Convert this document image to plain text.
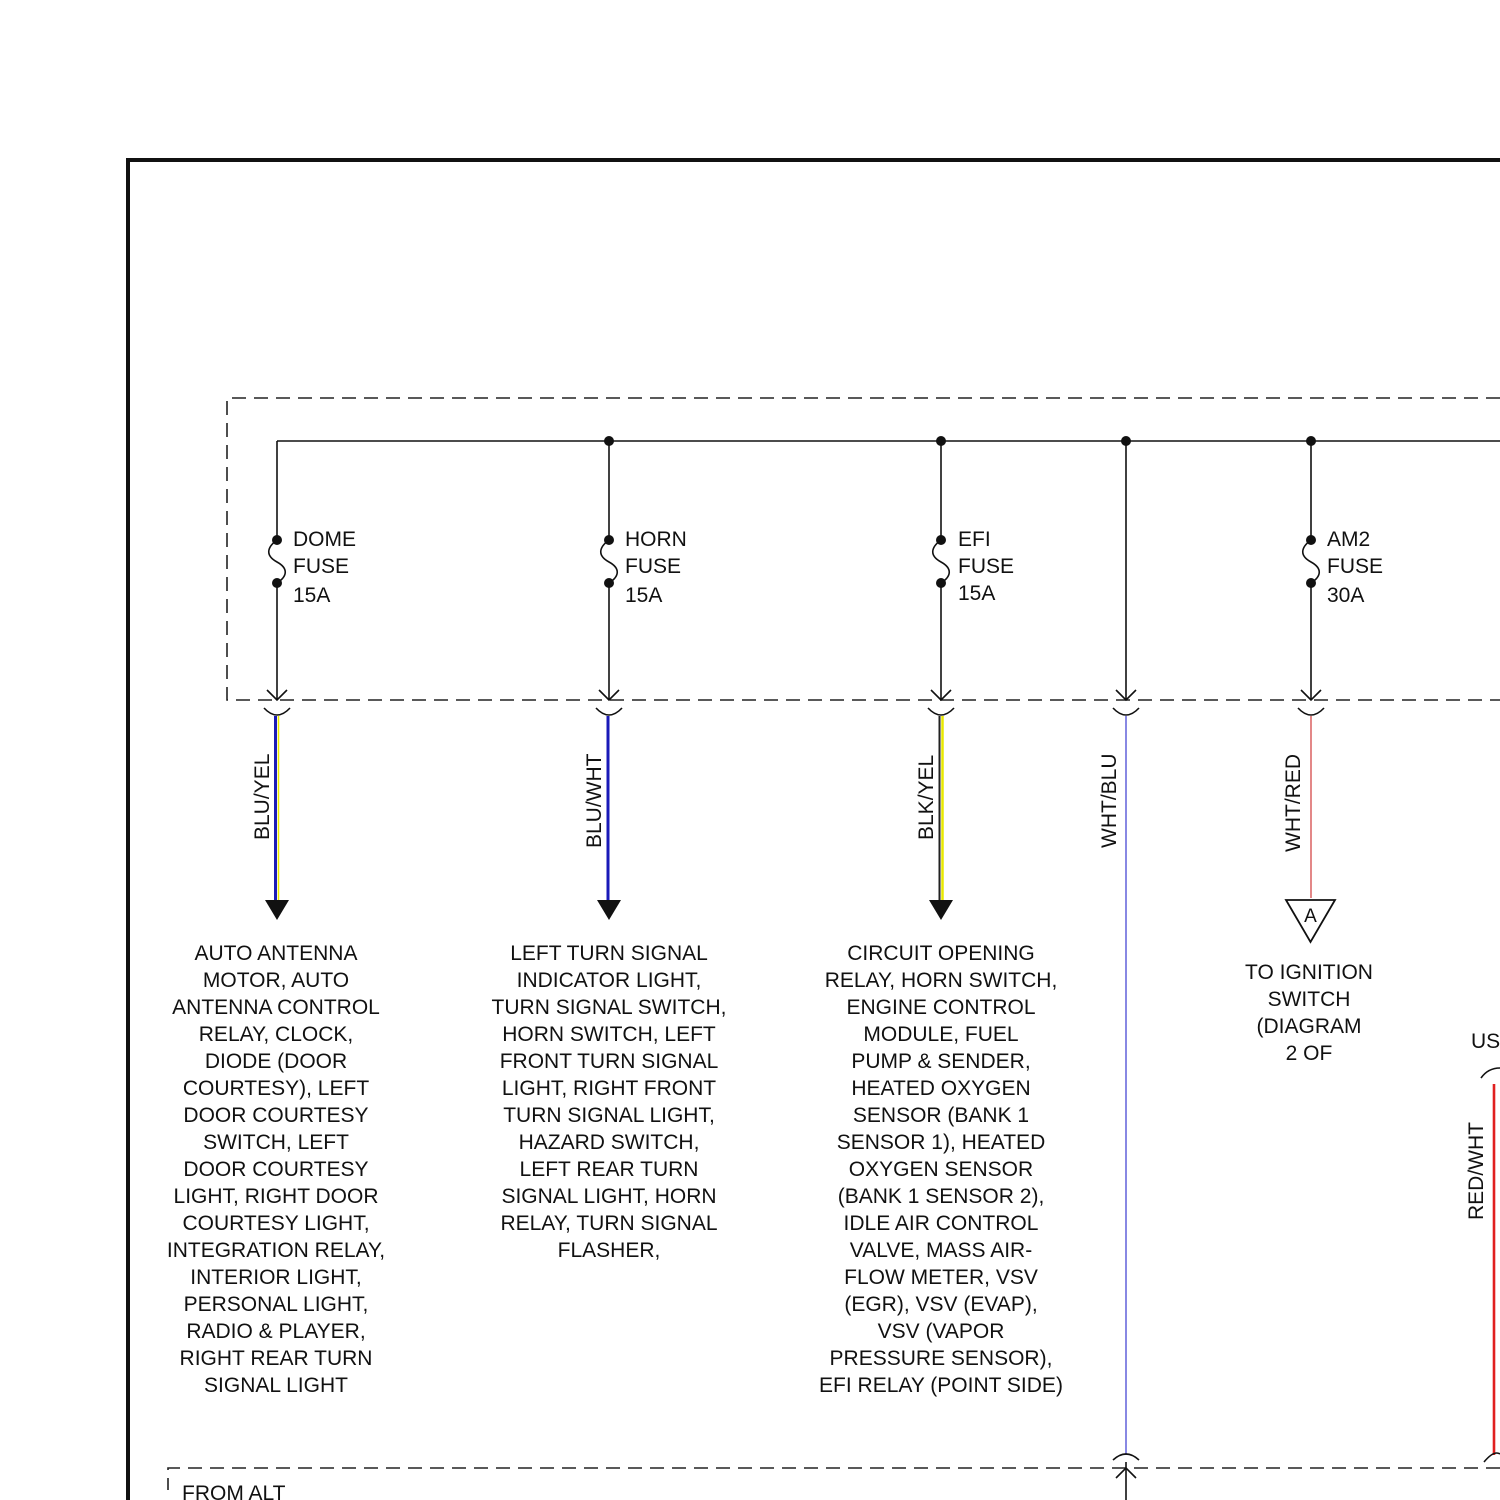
DOME
FUSE
15A
HORN
FUSE
15A
EFI
FUSE
15A
AM2
FUSE
30A
BLU/YEL	BLU/WHT	BLK/YEL	WHT/BLU	WHT/RED
A
RED/WHT
AUTO ANTENNA MOTOR, AUTO ANTENNA CONTROL RELAY, CLOCK, DIODE (DOOR COURTESY), LEFT DOOR COURTESY SWITCH, LEFT DOOR COURTESY LIGHT, RIGHT DOOR COURTESY LIGHT, INTEGRATION RELAY, INTERIOR LIGHT, PERSONAL LIGHT, RADIO & PLAYER, RIGHT REAR TURN SIGNAL LIGHT
LEFT TURN SIGNAL INDICATOR LIGHT, TURN SIGNAL SWITCH, HORN SWITCH, LEFT FRONT TURN SIGNAL LIGHT, RIGHT FRONT TURN SIGNAL LIGHT, HAZARD SWITCH, LEFT REAR TURN SIGNAL LIGHT, HORN RELAY, TURN SIGNAL FLASHER,
CIRCUIT OPENING RELAY, HORN SWITCH, ENGINE CONTROL MODULE, FUEL PUMP & SENDER, HEATED OXYGEN SENSOR (BANK 1 SENSOR 1), HEATED OXYGEN SENSOR (BANK 1 SENSOR 2), IDLE AIR CONTROL VALVE, MASS AIR-FLOW METER, VSV (EGR), VSV (EVAP), VSV (VAPOR PRESSURE SENSOR), EFI RELAY (POINT SIDE)
TO IGNITION SWITCH (DIAGRAM 2 OF
US
FROM ALT
